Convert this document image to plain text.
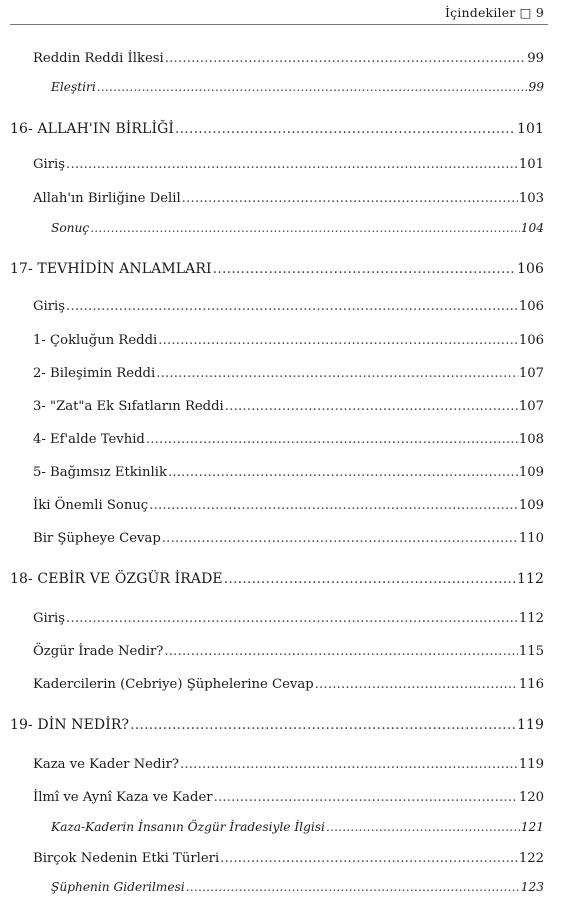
İçindekiler □ 9
Reddin Reddi İlkesi .....	99
Eleştiri .....	99
16- ALLAH'IN BİRLİĞİ .....	101
Giriş .....	101
Allah'ın Birliğine Delil .....	103
Sonuç .....	104
17- TEVHİDİN ANLAMLARI .....	106
Giriş .....	106
1- Çokluğun Reddi .....	106
2- Bileşimin Reddi .....	107
3- "Zat"a Ek Sıfatların Reddi .....	107
4- Ef'alde Tevhid .....	108
5- Bağımsız Etkinlik .....	109
İki Önemli Sonuç .....	109
Bir Şüpheye Cevap .....	110
18- CEBİR VE ÖZGÜR İRADE .....	112
Giriş .....	112
Özgür İrade Nedir? .....	115
Kadercilerin (Cebriye) Şüphelerine Cevap .....	116
19- DİN NEDİR? .....	119
Kaza ve Kader Nedir? .....	119
İlmî ve Aynî Kaza ve Kader .....	120
Kaza-Kaderin İnsanın Özgür İradesiyle İlgisi .....	121
Birçok Nedenin Etki Türleri .....	122
Şüphenin Giderilmesi .....	123
